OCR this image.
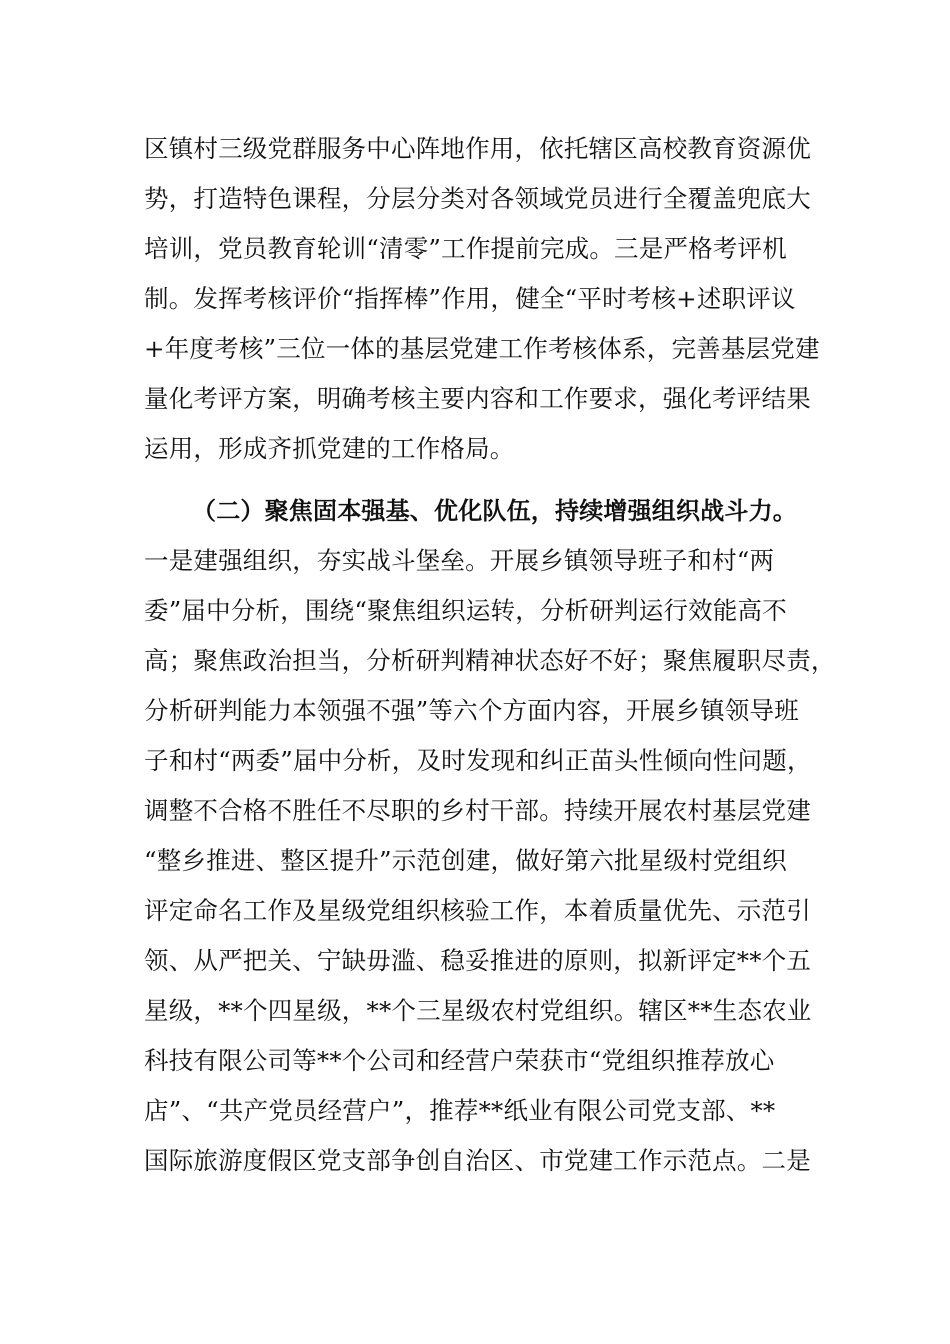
区镇村三级党群服务中心阵地作用，依托辖区高校教育资源优
势，打造特色课程，分层分类对各领域党员进行全覆盖兜底大
培训，党员教育轮训“清零”工作提前完成。三是严格考评机
制。发挥考核评价“指挥棒”作用，健全“平时考核+述职评议
+年度考核”三位一体的基层党建工作考核体系，完善基层党建
量化考评方案，明确考核主要内容和工作要求，强化考评结果
运用，形成齐抓党建的工作格局。
（二）聚焦固本强基、优化队伍，持续增强组织战斗力。
一是建强组织，夯实战斗堡垒。开展乡镇领导班子和村“两
委”届中分析，围绕“聚焦组织运转，分析研判运行效能高不
高；聚焦政治担当，分析研判精神状态好不好；聚焦履职尽责，
分析研判能力本领强不强”等六个方面内容，开展乡镇领导班
子和村“两委”届中分析，及时发现和纠正苗头性倾向性问题，
调整不合格不胜任不尽职的乡村干部。持续开展农村基层党建
“整乡推进、整区提升”示范创建，做好第六批星级村党组织
评定命名工作及星级党组织核验工作，本着质量优先、示范引
领、从严把关、宁缺毋滥、稳妥推进的原则，拟新评定**个五
星级，**个四星级，**个三星级农村党组织。辖区**生态农业
科技有限公司等**个公司和经营户荣获市“党组织推荐放心
店”、“共产党员经营户”，推荐**纸业有限公司党支部、**
国际旅游度假区党支部争创自治区、市党建工作示范点。二是
